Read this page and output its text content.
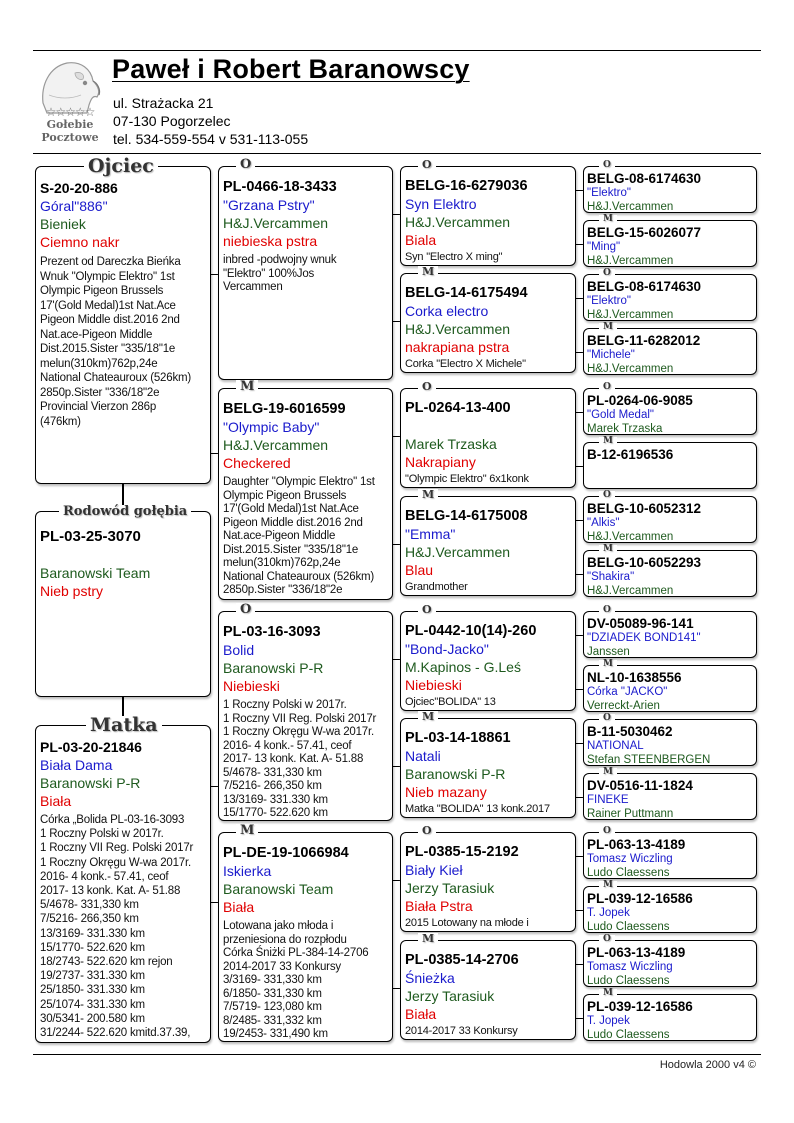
☆☆☆☆☆
Gołebie
Pocztowe
Paweł i Robert Baranowscy
ul. Strażacka 21
07-130 Pogorzelec
tel. 534-559-554 v 531-113-055
S-20-20-886
Góral"886"
Bieniek
Ciemno nakr
Prezent od Dareczka Bieńka
Wnuk "Olympic Elektro" 1st
Olympic Pigeon Brussels
17'(Gold Medal)1st Nat.Ace
Pigeon Middle dist.2016 2nd
Nat.ace-Pigeon Middle
Dist.2015.Sister "335/18"1e
melun(310km)762p,24e
National Chateauroux (526km)
2850p.Sister "336/18"2e
Provincial Vierzon 286p
(476km)
Ojciec
PL-03-25-3070
Baranowski Team
Nieb pstry
Rodowód gołębia
PL-03-20-21846
Biała Dama
Baranowski P-R
Biała
Córka „Bolida PL-03-16-3093
1 Roczny Polski w 2017r.
1 Roczny VII Reg. Polski 2017r
1 Roczny Okręgu W-wa 2017r.
2016- 4 konk.- 57.41, ceof
2017- 13 konk. Kat. A- 51.88
5/4678- 331,330 km
7/5216- 266,350 km
13/3169- 331.330 km
15/1770- 522.620 km
18/2743- 522.620 km rejon
19/2737- 331.330 km
25/1850- 331.330 km
25/1074- 331.330 km
30/5341- 200.580 km
31/2244- 522.620 kmitd.37.39,
Matka
PL-0466-18-3433
"Grzana Pstry"
H&J.Vercammen
niebieska pstra
inbred -podwojny wnuk
"Elektro" 100%Jos
Vercammen
O
BELG-19-6016599
"Olympic Baby"
H&J.Vercammen
Checkered
Daughter "Olympic Elektro" 1st
Olympic Pigeon Brussels
17'(Gold Medal)1st Nat.Ace
Pigeon Middle dist.2016 2nd
Nat.ace-Pigeon Middle
Dist.2015.Sister "335/18"1e
melun(310km)762p,24e
National Chateauroux (526km)
2850p.Sister "336/18"2e
M
PL-03-16-3093
Bolid
Baranowski P-R
Niebieski
1 Roczny Polski w 2017r.
1 Roczny VII Reg. Polski 2017r
1 Roczny Okręgu W-wa 2017r.
2016- 4 konk.- 57.41, ceof
2017- 13 konk. Kat. A- 51.88
5/4678- 331,330 km
7/5216- 266,350 km
13/3169- 331.330 km
15/1770- 522.620 km
O
PL-DE-19-1066984
Iskierka
Baranowski Team
Biała
Lotowana jako młoda i
przeniesiona do rozpłodu
Córka Śniżki PL-384-14-2706
2014-2017 33 Konkursy
3/3169- 331,330 km
6/1850- 331,330 km
7/5719- 123,080 km
8/2485- 331,332 km
19/2453- 331,490 km
M
BELG-16-6279036
Syn Elektro
H&J.Vercammen
Biala
Syn "Electro X ming"
O
BELG-14-6175494
Corka electro
H&J.Vercammen
nakrapiana pstra
Corka "Electro X Michele"
M
PL-0264-13-400
Marek Trzaska
Nakrapiany
"Olympic Elektro" 6x1konk
O
BELG-14-6175008
"Emma"
H&J.Vercammen
Blau
Grandmother
M
PL-0442-10(14)-260
"Bond-Jacko"
M.Kapinos - G.Leś
Niebieski
Ojciec"BOLIDA" 13
O
PL-03-14-18861
Natali
Baranowski P-R
Nieb mazany
Matka "BOLIDA" 13 konk.2017
M
PL-0385-15-2192
Biały Kieł
Jerzy Tarasiuk
Biała Pstra
2015 Lotowany na młode i
O
PL-0385-14-2706
Śnieżka
Jerzy Tarasiuk
Biała
2014-2017 33 Konkursy
M
BELG-08-6174630
"Elektro"
H&J.Vercammen
O
BELG-15-6026077
"Ming"
H&J.Vercammen
M
BELG-08-6174630
"Elektro"
H&J.Vercammen
O
BELG-11-6282012
"Michele"
H&J.Vercammen
M
PL-0264-06-9085
"Gold Medal"
Marek Trzaska
O
B-12-6196536
M
BELG-10-6052312
"Alkis"
H&J.Vercammen
O
BELG-10-6052293
"Shakira"
H&J.Vercammen
M
DV-05089-96-141
"DZIADEK BOND141"
Janssen
O
NL-10-1638556
Córka "JACKO"
Verreckt-Arien
M
B-11-5030462
NATIONAL
Stefan STEENBERGEN
O
DV-0516-11-1824
FINEKE
Rainer Puttmann
M
PL-063-13-4189
Tomasz Wiczling
Ludo Claessens
O
PL-039-12-16586
T. Jopek
Ludo Claessens
M
PL-063-13-4189
Tomasz Wiczling
Ludo Claessens
O
PL-039-12-16586
T. Jopek
Ludo Claessens
M
Hodowla 2000 v4 ©
